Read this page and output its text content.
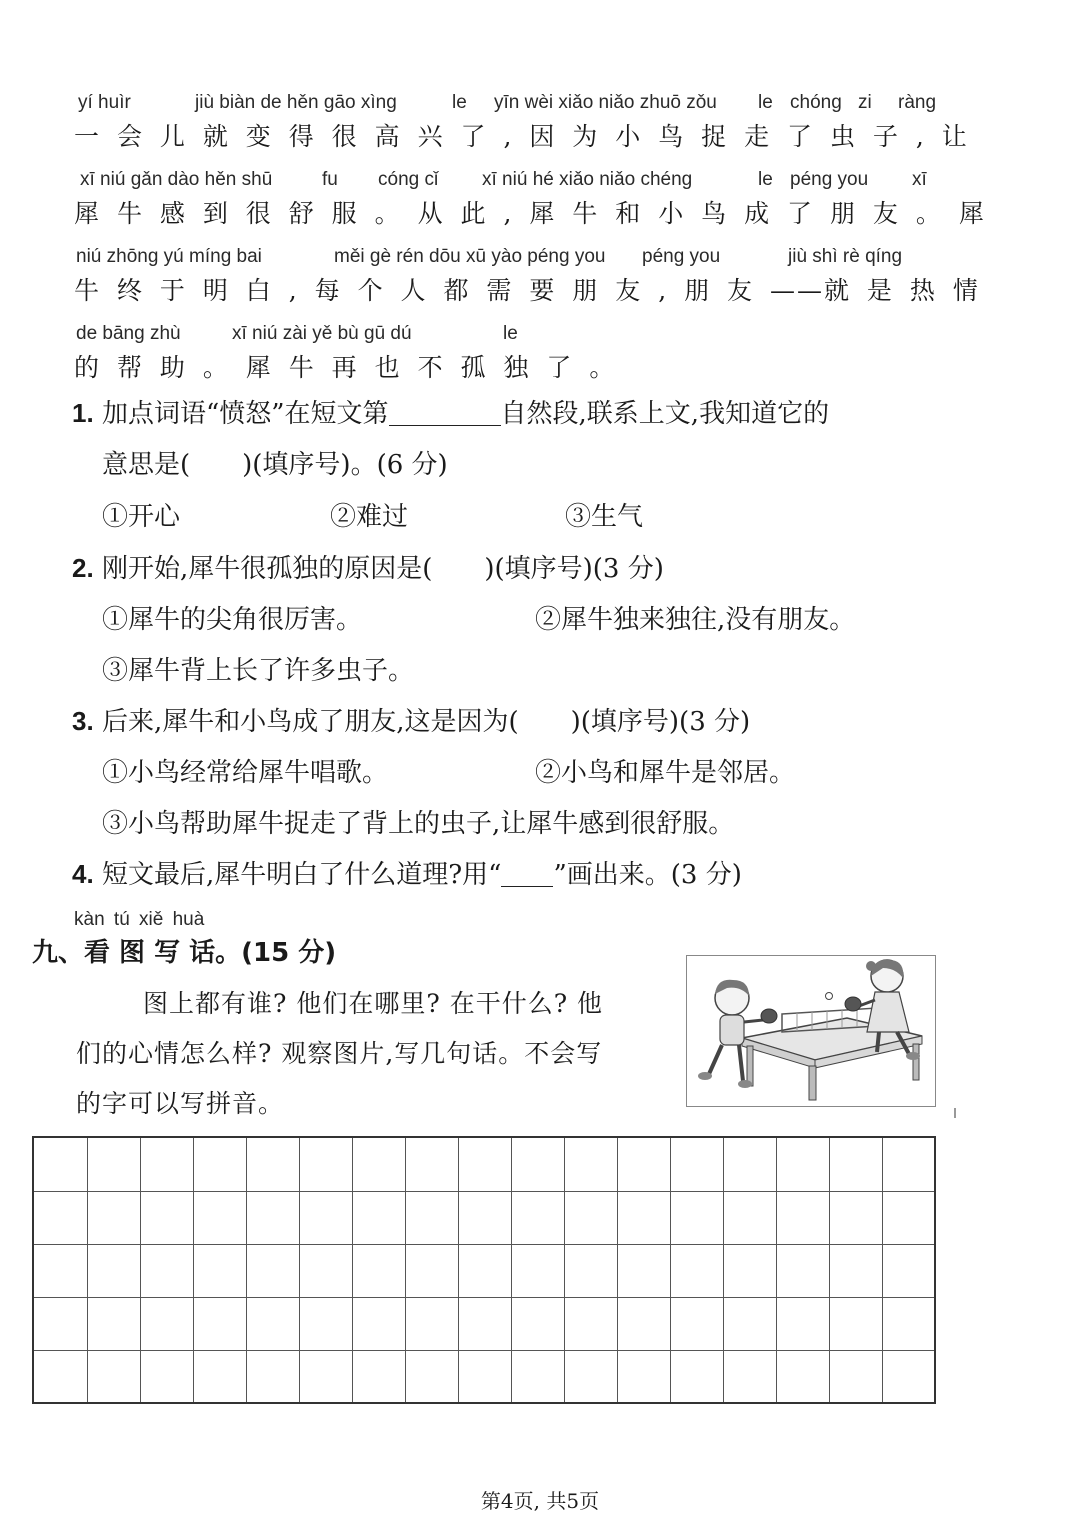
yí huìr	jiù biàn de hěn gāo xìng	le yīn wèi xiǎo niǎo zhuō zǒu le chóng zi ràng
一 会 儿 就 变 得 很 高 兴 了 , 因 为 小 鸟 捉 走 了 虫 子 , 让
xī niú gǎn dào hěn shū	fu cóng cǐ xī niú hé xiǎo niǎo chéng	le péng you xī
犀 牛 感 到 很 舒 服 。 从 此 , 犀 牛 和 小 鸟 成 了 朋 友 。 犀
niú zhōng yú míng bai	měi gè rén dōu xū yào péng you péng you	jiù shì rè qíng
牛 终 于 明 白 , 每 个 人 都 需 要 朋 友 , 朋 友 ——就 是 热 情
de bāng zhù	xī niú zài yě bù gū dú	le
的 帮 助 。 犀 牛 再 也 不 孤 独 了 。
1. 加点词语“愤怒”在短文第	自然段,联系上文,我知道它的
意思是(　　)(填序号)。(6 分)
①开心	②难过	③生气
2. 刚开始,犀牛很孤独的原因是(　　)(填序号)(3 分)
①犀牛的尖角很厉害。	②犀牛独来独往,没有朋友。
③犀牛背上长了许多虫子。
3. 后来,犀牛和小鸟成了朋友,这是因为(　　)(填序号)(3 分)
①小鸟经常给犀牛唱歌。	②小鸟和犀牛是邻居。
③小鸟帮助犀牛捉走了背上的虫子,让犀牛感到很舒服。
4. 短文最后,犀牛明白了什么道理?用“ ”画出来。(3 分)
kàn tú xiě huà
九、看 图 写 话。(15 分)
图上都有谁? 他们在哪里? 在干什么? 他
们的心情怎么样? 观察图片,写几句话。不会写
的字可以写拼音。
第4页, 共5页
